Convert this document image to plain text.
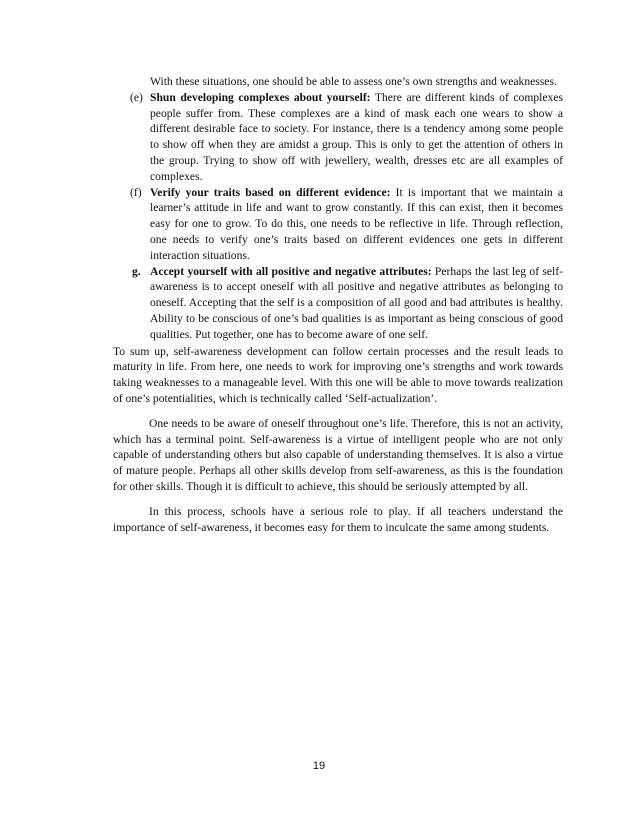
With these situations, one should be able to assess one’s own strengths and weaknesses.

(e) Shun developing complexes about yourself: There are different kinds of complexes people suffer from. These complexes are a kind of mask each one wears to show a different desirable face to society. For instance, there is a tendency among some people to show off when they are amidst a group. This is only to get the attention of others in the group. Trying to show off with jewellery, wealth, dresses etc are all examples of complexes.
(f) Verify your traits based on different evidence: It is important that we maintain a learner’s attitude in life and want to grow constantly. If this can exist, then it becomes easy for one to grow. To do this, one needs to be reflective in life. Through reflection, one needs to verify one’s traits based on different evidences one gets in different interaction situations.
g. Accept yourself with all positive and negative attributes: Perhaps the last leg of self-awareness is to accept oneself with all positive and negative attributes as belonging to oneself. Accepting that the self is a composition of all good and bad attributes is healthy. Ability to be conscious of one’s bad qualities is as important as being conscious of good qualities. Put together, one has to become aware of one self.

To sum up, self-awareness development can follow certain processes and the result leads to maturity in life. From here, one needs to work for improving one’s strengths and work towards taking weaknesses to a manageable level. With this one will be able to move towards realization of one’s potentialities, which is technically called ‘Self-actualization’.

One needs to be aware of oneself throughout one’s life. Therefore, this is not an activity, which has a terminal point. Self-awareness is a virtue of intelligent people who are not only capable of understanding others but also capable of understanding themselves. It is also a virtue of mature people. Perhaps all other skills develop from self-awareness, as this is the foundation for other skills. Though it is difficult to achieve, this should be seriously attempted by all.

In this process, schools have a serious role to play. If all teachers understand the importance of self-awareness, it becomes easy for them to inculcate the same among students.

19
